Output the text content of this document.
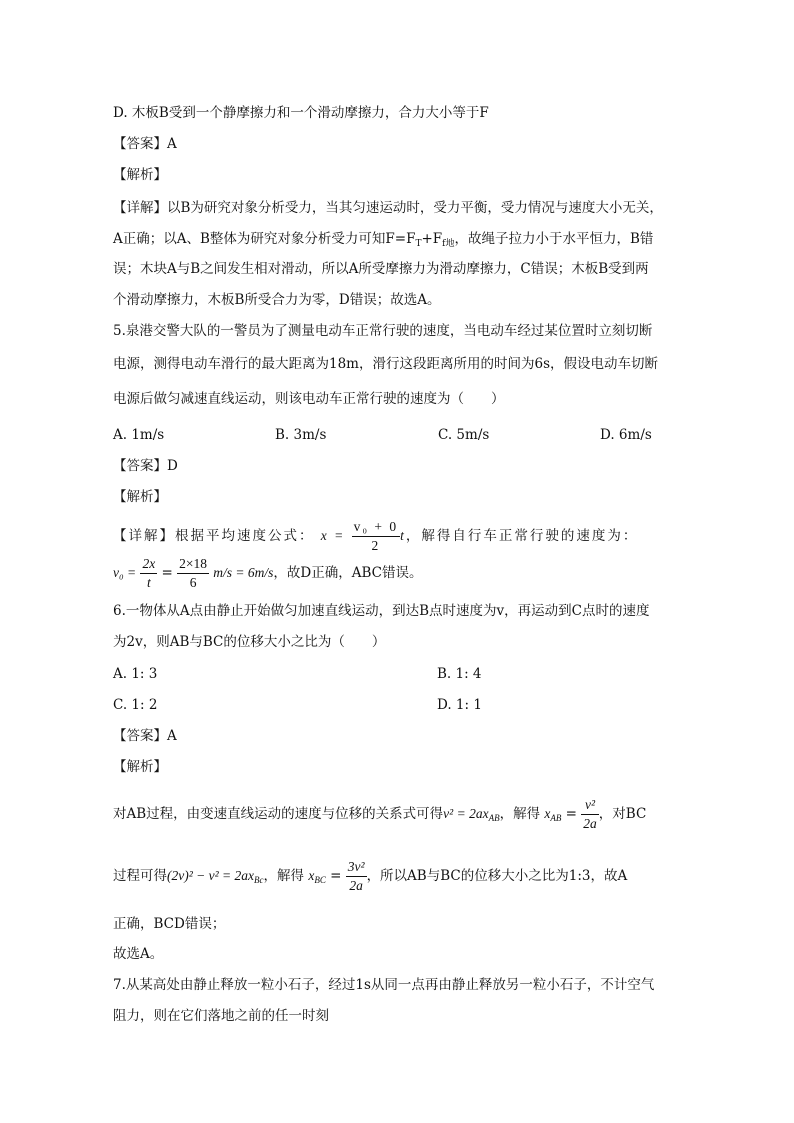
D. 木板B受到一个静摩擦力和一个滑动摩擦力，合力大小等于F
【答案】A
【解析】
【详解】以B为研究对象分析受力，当其匀速运动时，受力平衡，受力情况与速度大小无关，
A正确；以A、B整体为研究对象分析受力可知$F=F_T+F_{f地}$，故绳子拉力小于水平恒力，B错
误；木块A与B之间发生相对滑动，所以A所受摩擦力为滑动摩擦力，C错误；木板B受到两
个滑动摩擦力，木板B所受合力为零，D错误；故选A。
5.泉港交警大队的一警员为了测量电动车正常行驶的速度，当电动车经过某位置时立刻切断
电源，测得电动车滑行的最大距离为18m，滑行这段距离所用的时间为6s，假设电动车切断
电源后做匀减速直线运动，则该电动车正常行驶的速度为（　　）
A. 1m/s	B. 3m/s	C. 5m/s	D. 6m/s
【答案】D
【解析】
【详解】根据平均速度公式： $x = \frac{\text{v₀ + 0}}{2}$ t，解得自行车正常行驶的速度为：
$v_0 = \frac{2x}{t} = \frac{2\times 18}{6} m/s = 6m/s$，故D正确，ABC错误。
6.一物体从A点由静止开始做匀加速直线运动，到达B点时速度为v，再运动到C点时的速度
为2v，则AB与BC的位移大小之比为（　　）
A. 1: 3	B. 1: 4
C. 1: 2	D. 1: 1
【答案】A
【解析】
对AB过程，由变速直线运动的速度与位移的关系式可得$v^2 = 2ax_{AB}$，解得 $x_{AB} = \frac{\text{v²}}{2a}$ ，对BC
过程可得$(2v)^2 - v^2 = 2ax_{Bc}$，解得 $x_{BC} = \frac{\text{3v²}}{2a}$ ，所以AB与BC的位移大小之比为1:3，故A
正确，BCD错误；
故选A。
7.从某高处由静止释放一粒小石子，经过1s从同一点再由静止释放另一粒小石子，不计空气
阻力，则在它们落地之前的任一时刻
